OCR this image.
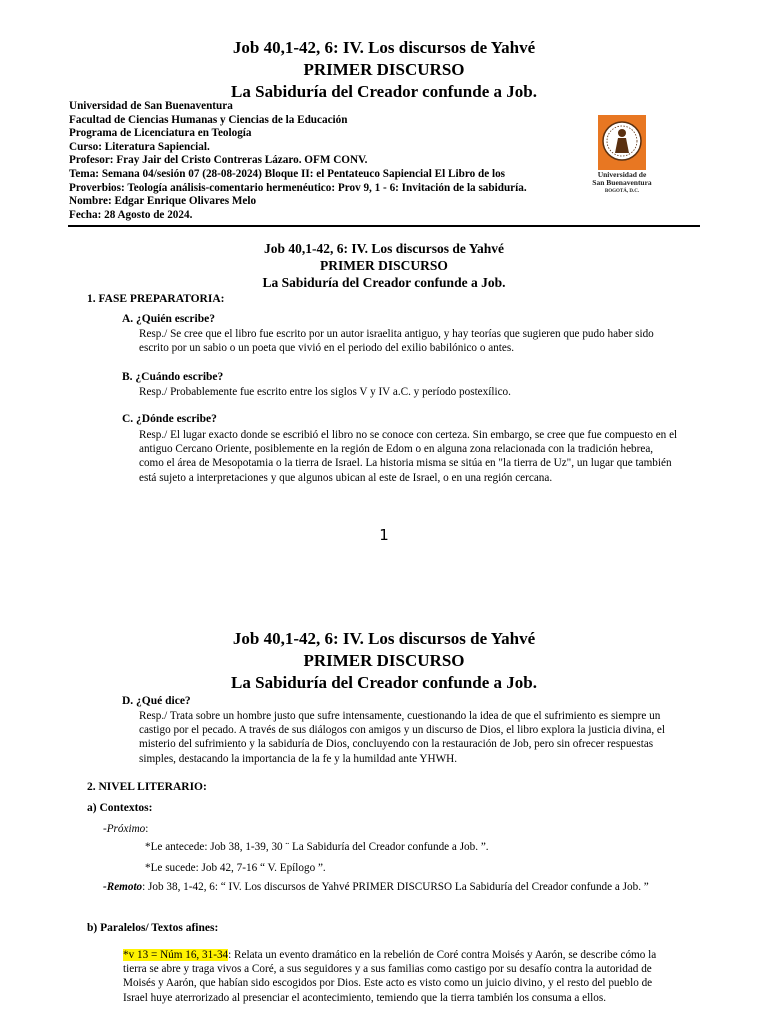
Job 40,1-42, 6: IV. Los discursos de Yahvé
PRIMER DISCURSO
La Sabiduría del Creador confunde a Job.
Universidad de San Buenaventura
Facultad de Ciencias Humanas y Ciencias de la Educación
Programa de Licenciatura en Teología
Curso: Literatura Sapiencial.
Profesor: Fray Jair del Cristo Contreras Lázaro. OFM CONV.
Tema: Semana 04/sesión 07 (28-08-2024) Bloque II: el Pentateuco Sapiencial El Libro de los
Proverbios: Teología análisis-comentario hermenéutico: Prov 9, 1 - 6: Invitación de la sabiduría.
Nombre: Edgar Enrique Olivares Melo
Fecha: 28 Agosto de 2024.
Universidad de
San Buenaventura
BOGOTÁ, D.C.
Job 40,1-42, 6: IV. Los discursos de Yahvé
PRIMER DISCURSO
La Sabiduría del Creador confunde a Job.
1. FASE PREPARATORIA:
A. ¿Quién escribe?
Resp./ Se cree que el libro fue escrito por un autor israelita antiguo, y hay teorías que sugieren que pudo haber sido
escrito por un sabio o un poeta que vivió en el periodo del exilio babilónico o antes.
B. ¿Cuándo escribe?
Resp./ Probablemente fue escrito entre los siglos V y IV a.C. y período postexílico.
C. ¿Dónde escribe?
Resp./ El lugar exacto donde se escribió el libro no se conoce con certeza. Sin embargo, se cree que fue compuesto en el
antiguo Cercano Oriente, posiblemente en la región de Edom o en alguna zona relacionada con la tradición hebrea,
como el área de Mesopotamia o la tierra de Israel. La historia misma se sitúa en "la tierra de Uz", un lugar que también
está sujeto a interpretaciones y que algunos ubican al este de Israel, o en una región cercana.
1
Job 40,1-42, 6: IV. Los discursos de Yahvé
PRIMER DISCURSO
La Sabiduría del Creador confunde a Job.
D. ¿Qué dice?
Resp./ Trata sobre un hombre justo que sufre intensamente, cuestionando la idea de que el sufrimiento es siempre un
castigo por el pecado. A través de sus diálogos con amigos y un discurso de Dios, el libro explora la justicia divina, el
misterio del sufrimiento y la sabiduría de Dios, concluyendo con la restauración de Job, pero sin ofrecer respuestas
simples, destacando la importancia de la fe y la humildad ante YHWH.
2. NIVEL LITERARIO:
a) Contextos:
-Próximo:
*Le antecede: Job 38, 1-39, 30 ¨ La Sabiduría del Creador confunde a Job. ”.
*Le sucede: Job 42, 7-16 “ V. Epílogo ”.
-Remoto: Job 38, 1-42, 6: “ IV. Los discursos de Yahvé PRIMER DISCURSO La Sabiduría del Creador confunde a Job. ”
b) Paralelos/ Textos afines:
*v 13 = Núm 16, 31-34: Relata un evento dramático en la rebelión de Coré contra Moisés y Aarón, se describe cómo la
tierra se abre y traga vivos a Coré, a sus seguidores y a sus familias como castigo por su desafío contra la autoridad de
Moisés y Aarón, que habían sido escogidos por Dios. Este acto es visto como un juicio divino, y el resto del pueblo de
Israel huye aterrorizado al presenciar el acontecimiento, temiendo que la tierra también los consuma a ellos.
